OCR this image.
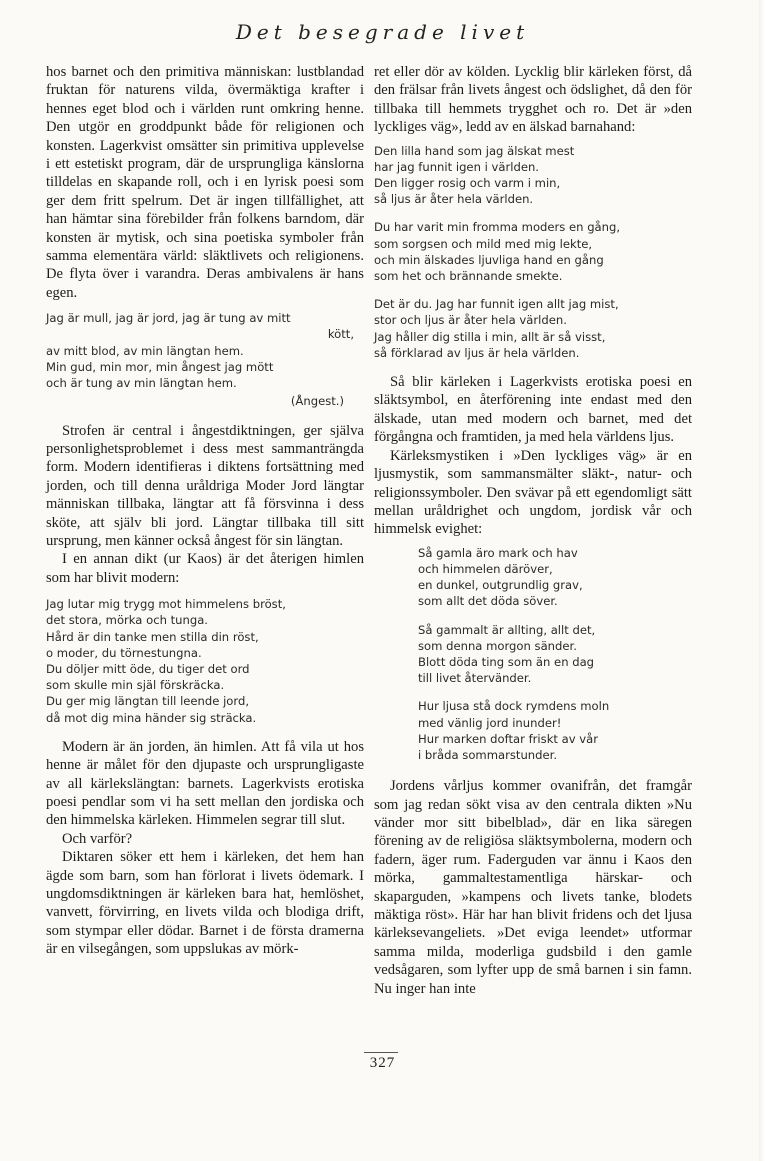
Det besegrade livet

hos barnet och den primitiva människan: lustblandad fruktan för naturens vilda, övermäktiga krafter i hennes eget blod och i världen runt omkring henne. Den utgör en groddpunkt både för religionen och konsten. Lagerkvist omsätter sin primitiva upplevelse i ett estetiskt program, där de ursprungliga känslorna tilldelas en skapande roll, och i en lyrisk poesi som ger dem fritt spelrum. Det är ingen tillfällighet, att han hämtar sina förebilder från folkens barndom, där konsten är mytisk, och sina poetiska symboler från samma elementära värld: släktlivets och religionens. De flyta över i varandra. Deras ambivalens är hans egen.

Jag är mull, jag är jord, jag är tung av mitt
kött,
av mitt blod, av min längtan hem.
Min gud, min mor, min ångest jag mött
och är tung av min längtan hem.
(Ångest.)

Strofen är central i ångestdiktningen, ger själva personlighetsproblemet i dess mest sammanträngda form. Modern identifieras i diktens fortsättning med jorden, och till denna uråldriga Moder Jord längtar människan tillbaka, längtar att få försvinna i dess sköte, att själv bli jord. Längtar tillbaka till sitt ursprung, men känner också ångest för sin längtan.

I en annan dikt (ur Kaos) är det återigen himlen som har blivit modern:

Jag lutar mig trygg mot himmelens bröst,
det stora, mörka och tunga.
Hård är din tanke men stilla din röst,
o moder, du törnestungna.
Du döljer mitt öde, du tiger det ord
som skulle min själ förskräcka.
Du ger mig längtan till leende jord,
då mot dig mina händer sig sträcka.

Modern är än jorden, än himlen. Att få vila ut hos henne är målet för den djupaste och ursprungligaste av all kärlekslängtan: barnets. Lagerkvists erotiska poesi pendlar som vi ha sett mellan den jordiska och den himmelska kärleken. Himmelen segrar till slut.

Och varför?

Diktaren söker ett hem i kärleken, det hem han ägde som barn, som han förlorat i livets ödemark. I ungdomsdiktningen är kärleken bara hat, hemlöshet, vanvett, förvirring, en livets vilda och blodiga drift, som stympar eller dödar. Barnet i de första dramerna är en vilsegången, som uppslukas av mörk-

ret eller dör av kölden. Lycklig blir kärleken först, då den frälsar från livets ångest och ödslighet, då den för tillbaka till hemmets trygghet och ro. Det är »den lyckliges väg», ledd av en älskad barnahand:

Den lilla hand som jag älskat mest
har jag funnit igen i världen.
Den ligger rosig och varm i min,
så ljus är åter hela världen.
Du har varit min fromma moders en gång,
som sorgsen och mild med mig lekte,
och min älskades ljuvliga hand en gång
som het och brännande smekte.
Det är du. Jag har funnit igen allt jag mist,
stor och ljus är åter hela världen.
Jag håller dig stilla i min, allt är så visst,
så förklarad av ljus är hela världen.

Så blir kärleken i Lagerkvists erotiska poesi en släktsymbol, en återförening inte endast med den älskade, utan med modern och barnet, med det förgångna och framtiden, ja med hela världens ljus.

Kärleksmystiken i »Den lyckliges väg» är en ljusmystik, som sammansmälter släkt-, natur- och religionssymboler. Den svävar på ett egendomligt sätt mellan uråldrighet och ungdom, jordisk vår och himmelsk evighet:

Så gamla äro mark och hav
och himmelen däröver,
en dunkel, outgrundlig grav,
som allt det döda söver.
Så gammalt är allting, allt det,
som denna morgon sänder.
Blott döda ting som än en dag
till livet återvänder.
Hur ljusa stå dock rymdens moln
med vänlig jord inunder!
Hur marken doftar friskt av vår
i bråda sommarstunder.

Jordens vårljus kommer ovanifrån, det framgår som jag redan sökt visa av den centrala dikten »Nu vänder mor sitt bibelblad», där en lika säregen förening av de religiösa släktsymbolerna, modern och fadern, äger rum. Faderguden var ännu i Kaos den mörka, gammaltestamentliga härskar- och skaparguden, »kampens och livets tanke, blodets mäktiga röst». Här har han blivit fridens och det ljusa kärleksevangeliets. »Det eviga leendet» utformar samma milda, moderliga gudsbild i den gamle vedsågaren, som lyfter upp de små barnen i sin famn. Nu inger han inte

327
